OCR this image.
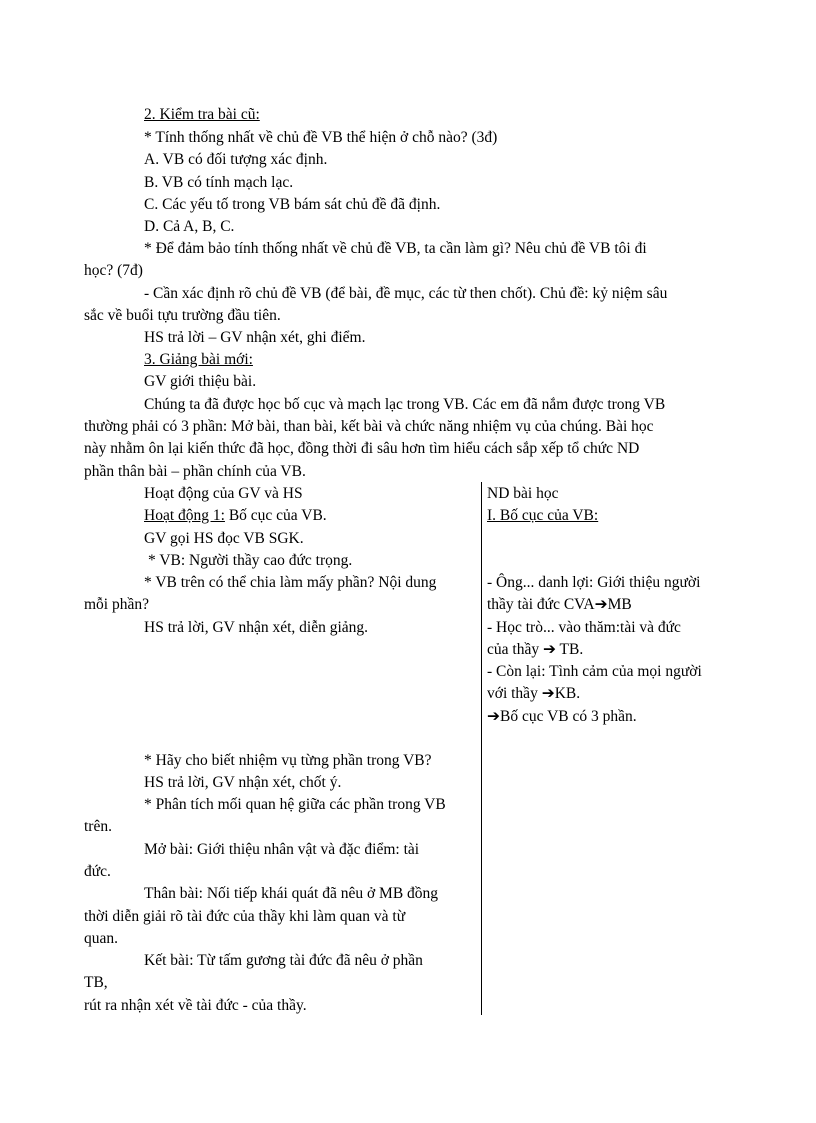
2. Kiểm tra bài cũ:
* Tính thống nhất về chủ đề VB thể hiện ở chỗ nào? (3đ)
A. VB có đối tượng xác định.
B. VB có tính mạch lạc.
C. Các yếu tố trong VB bám sát chủ đề đã định.
D. Cả A, B, C.
* Để đảm bảo tính thống nhất về chủ đề VB, ta cần làm gì? Nêu chủ đề VB tôi đi
học? (7đ)
- Cần xác định rõ chủ đề VB (để bài, đề mục, các từ then chốt). Chủ đề: kỷ niệm sâu
sắc về buổi tựu trường đầu tiên.
HS trả lời – GV nhận xét, ghi điểm.
3. Giảng bài mới:
GV giới thiệu bài.
Chúng ta đã được học bố cục và mạch lạc trong VB. Các em đã nắm được trong VB
thường phải có 3 phần: Mở bài, than bài, kết bài và chức năng nhiệm vụ của chúng. Bài học
này nhằm ôn lại kiến thức đã học, đồng thời đi sâu hơn tìm hiểu cách sắp xếp tổ chức ND
phần thân bài – phần chính của VB.
Hoạt động của GV và HS
Hoạt động 1: Bố cục của VB.
GV gọi HS đọc VB SGK.
* VB: Người thầy cao đức trọng.
* VB trên có thể chia làm mấy phần? Nội dung
mỗi phần?
HS trả lời, GV nhận xét, diễn giảng.
* Hãy cho biết nhiệm vụ từng phần trong VB?
HS trả lời, GV nhận xét, chốt ý.
* Phân tích mối quan hệ giữa các phần trong VB
trên.
Mở bài: Giới thiệu nhân vật và đặc điểm: tài
đức.
Thân bài: Nối tiếp khái quát đã nêu ở MB đồng
thời diễn giải rõ tài đức của thầy khi làm quan và từ
quan.
Kết bài: Từ tấm gương tài đức đã nêu ở phần
TB,
rút ra nhận xét về tài đức - của thầy.
ND bài học
I. Bố cục của VB:
- Ông... danh lợi: Giới thiệu người
thầy tài đức CVA➔MB
- Học trò... vào thăm:tài và đức
của thầy ➔ TB.
- Còn lại: Tình cảm của mọi người
với thầy ➔KB.
➔Bố cục VB có 3 phần.
